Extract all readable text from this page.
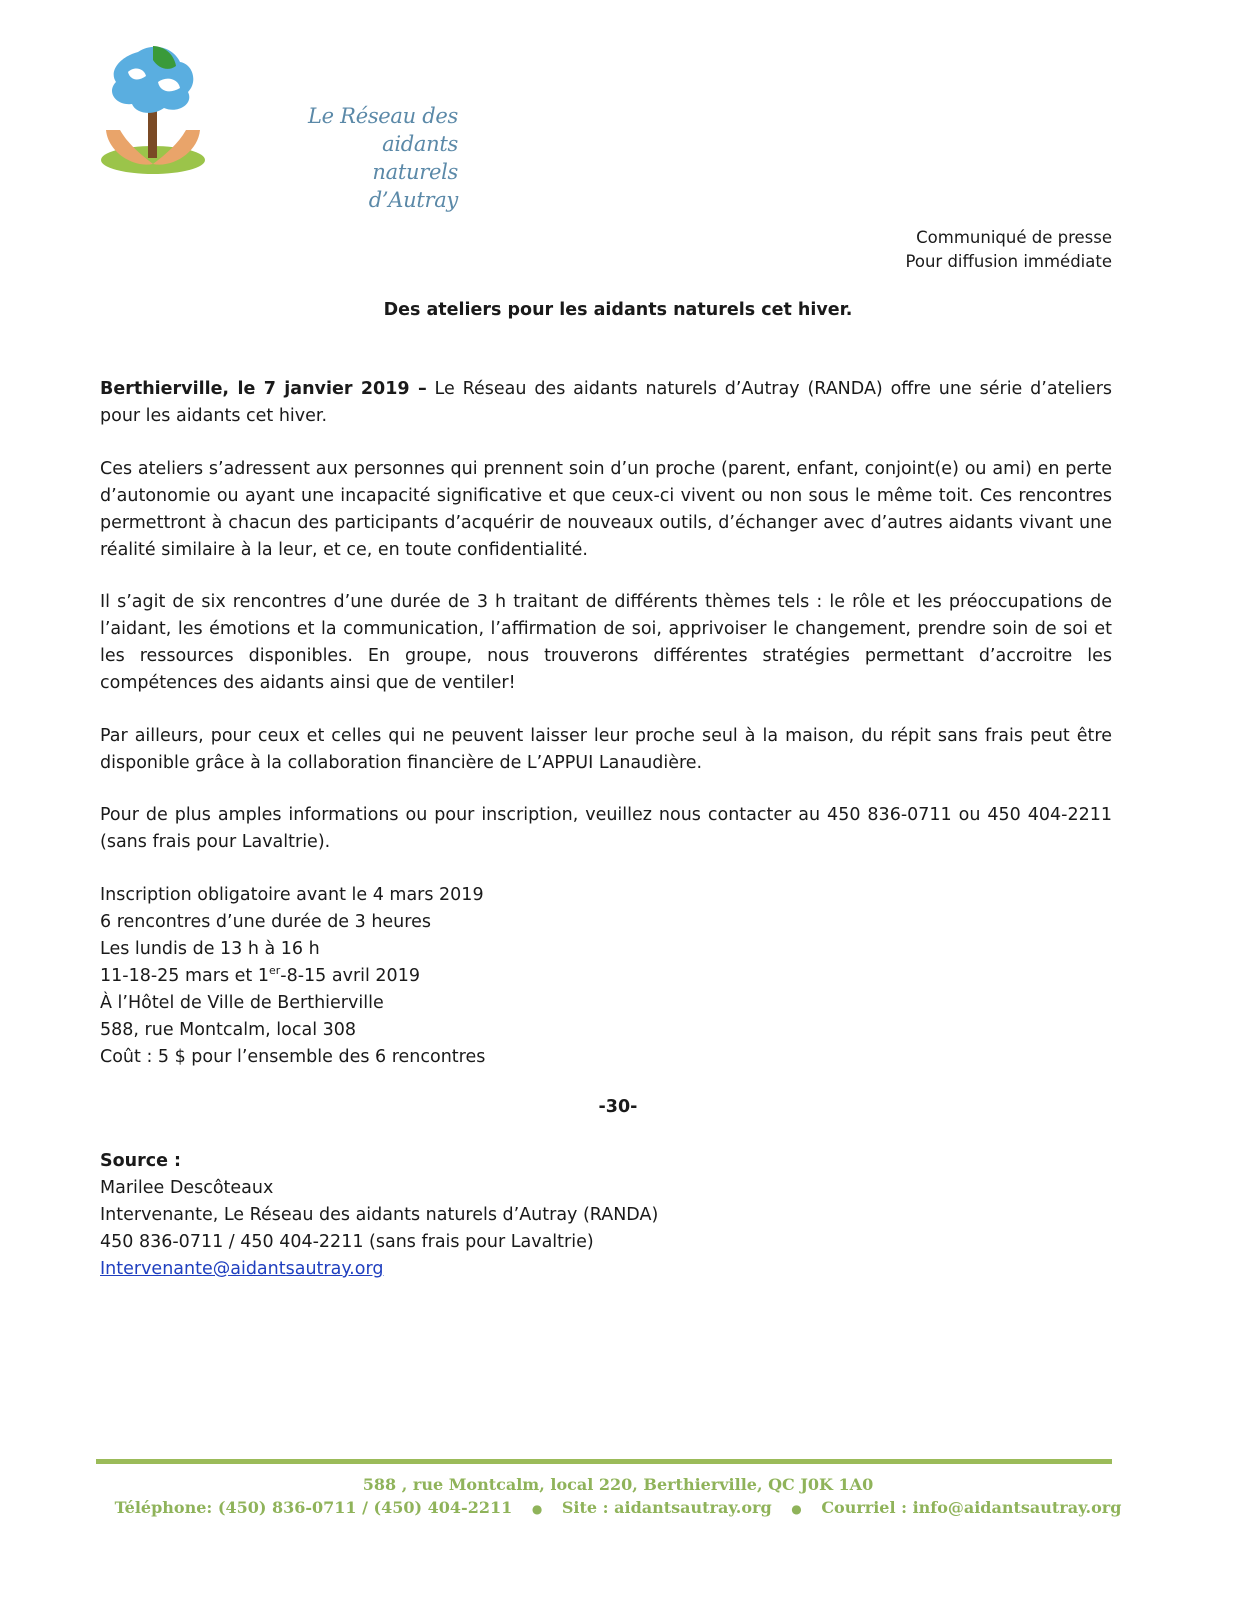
Le Réseau des
aidants naturels
d’Autray
Communiqué de presse
Pour diffusion immédiate
Des ateliers pour les aidants naturels cet hiver.

Berthierville, le 7 janvier 2019 – Le Réseau des aidants naturels d’Autray (RANDA) offre une série d’ateliers pour les aidants cet hiver.

Ces ateliers s’adressent aux personnes qui prennent soin d’un proche (parent, enfant, conjoint(e) ou ami) en perte d’autonomie ou ayant une incapacité significative et que ceux-ci vivent ou non sous le même toit. Ces rencontres permettront à chacun des participants d’acquérir de nouveaux outils, d’échanger avec d’autres aidants vivant une réalité similaire à la leur, et ce, en toute confidentialité.

Il s’agit de six rencontres d’une durée de 3 h traitant de différents thèmes tels : le rôle et les préoccupations de l’aidant, les émotions et la communication, l’affirmation de soi, apprivoiser le changement, prendre soin de soi et les ressources disponibles. En groupe, nous trouverons différentes stratégies permettant d’accroitre les compétences des aidants ainsi que de ventiler!

Par ailleurs, pour ceux et celles qui ne peuvent laisser leur proche seul à la maison, du répit sans frais peut être disponible grâce à la collaboration financière de L’APPUI Lanaudière.

Pour de plus amples informations ou pour inscription, veuillez nous contacter au 450 836-0711 ou 450 404-2211 (sans frais pour Lavaltrie).

Inscription obligatoire avant le 4 mars 2019
6 rencontres d’une durée de 3 heures
Les lundis de 13 h à 16 h
11-18-25 mars et 1er-8-15 avril 2019
À l’Hôtel de Ville de Berthierville
588, rue Montcalm, local 308
Coût : 5 $ pour l’ensemble des 6 rencontres
-30-
Source :
Marilee Descôteaux
Intervenante, Le Réseau des aidants naturels d’Autray (RANDA)
450 836-0711 / 450 404-2211 (sans frais pour Lavaltrie)
Intervenante@aidantsautray.org
588 , rue Montcalm, local 220, Berthierville, QC J0K 1A0
Téléphone: (450) 836-0711 / (450) 404-2211 ● Site : aidantsautray.org ● Courriel : info@aidantsautray.org
